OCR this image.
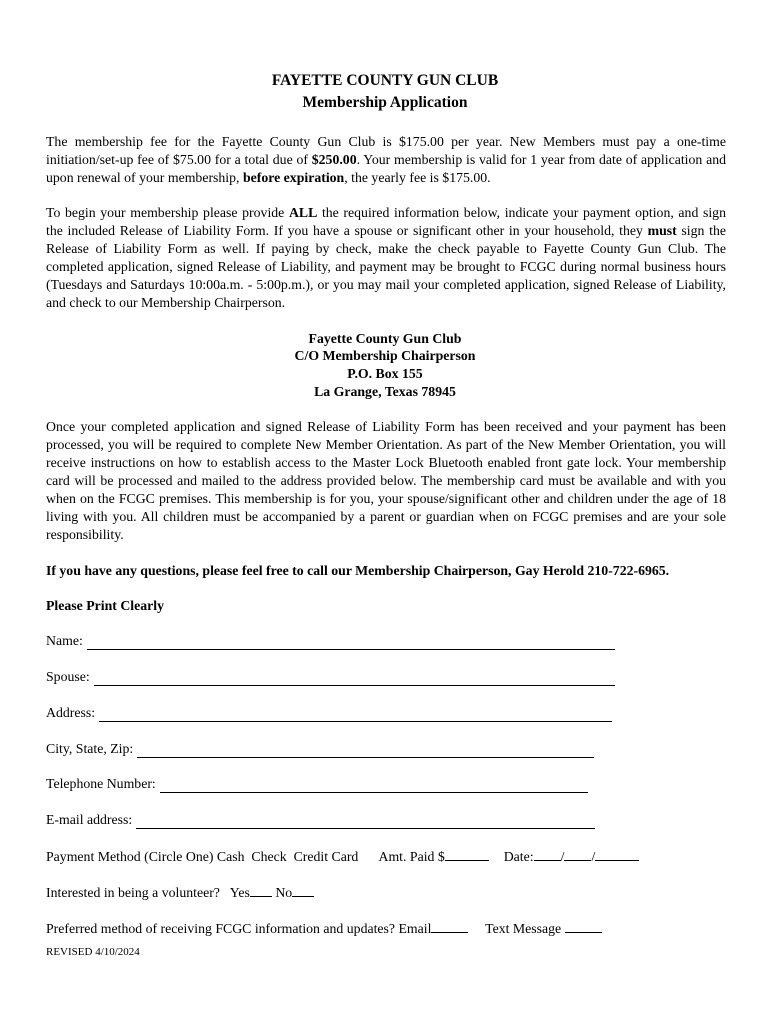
FAYETTE COUNTY GUN CLUB
Membership Application
The membership fee for the Fayette County Gun Club is $175.00 per year. New Members must pay a one-time initiation/set-up fee of $75.00 for a total due of $250.00. Your membership is valid for 1 year from date of application and upon renewal of your membership, before expiration, the yearly fee is $175.00.
To begin your membership please provide ALL the required information below, indicate your payment option, and sign the included Release of Liability Form. If you have a spouse or significant other in your household, they must sign the Release of Liability Form as well. If paying by check, make the check payable to Fayette County Gun Club. The completed application, signed Release of Liability, and payment may be brought to FCGC during normal business hours (Tuesdays and Saturdays 10:00a.m. - 5:00p.m.), or you may mail your completed application, signed Release of Liability, and check to our Membership Chairperson.
Fayette County Gun Club
C/O Membership Chairperson
P.O. Box 155
La Grange, Texas 78945
Once your completed application and signed Release of Liability Form has been received and your payment has been processed, you will be required to complete New Member Orientation. As part of the New Member Orientation, you will receive instructions on how to establish access to the Master Lock Bluetooth enabled front gate lock. Your membership card will be processed and mailed to the address provided below. The membership card must be available and with you when on the FCGC premises. This membership is for you, your spouse/significant other and children under the age of 18 living with you. All children must be accompanied by a parent or guardian when on FCGC premises and are your sole responsibility.
If you have any questions, please feel free to call our Membership Chairperson, Gay Herold 210-722-6965.
Please Print Clearly
Name:
Spouse:
Address:
City, State, Zip:
Telephone Number:
E-mail address:
Payment Method (Circle One) Cash Check Credit Card Amt. Paid $	Date: / /
Interested in being a volunteer? Yes No
Preferred method of receiving FCGC information and updates? Email	Text Message
REVISED 4/10/2024
